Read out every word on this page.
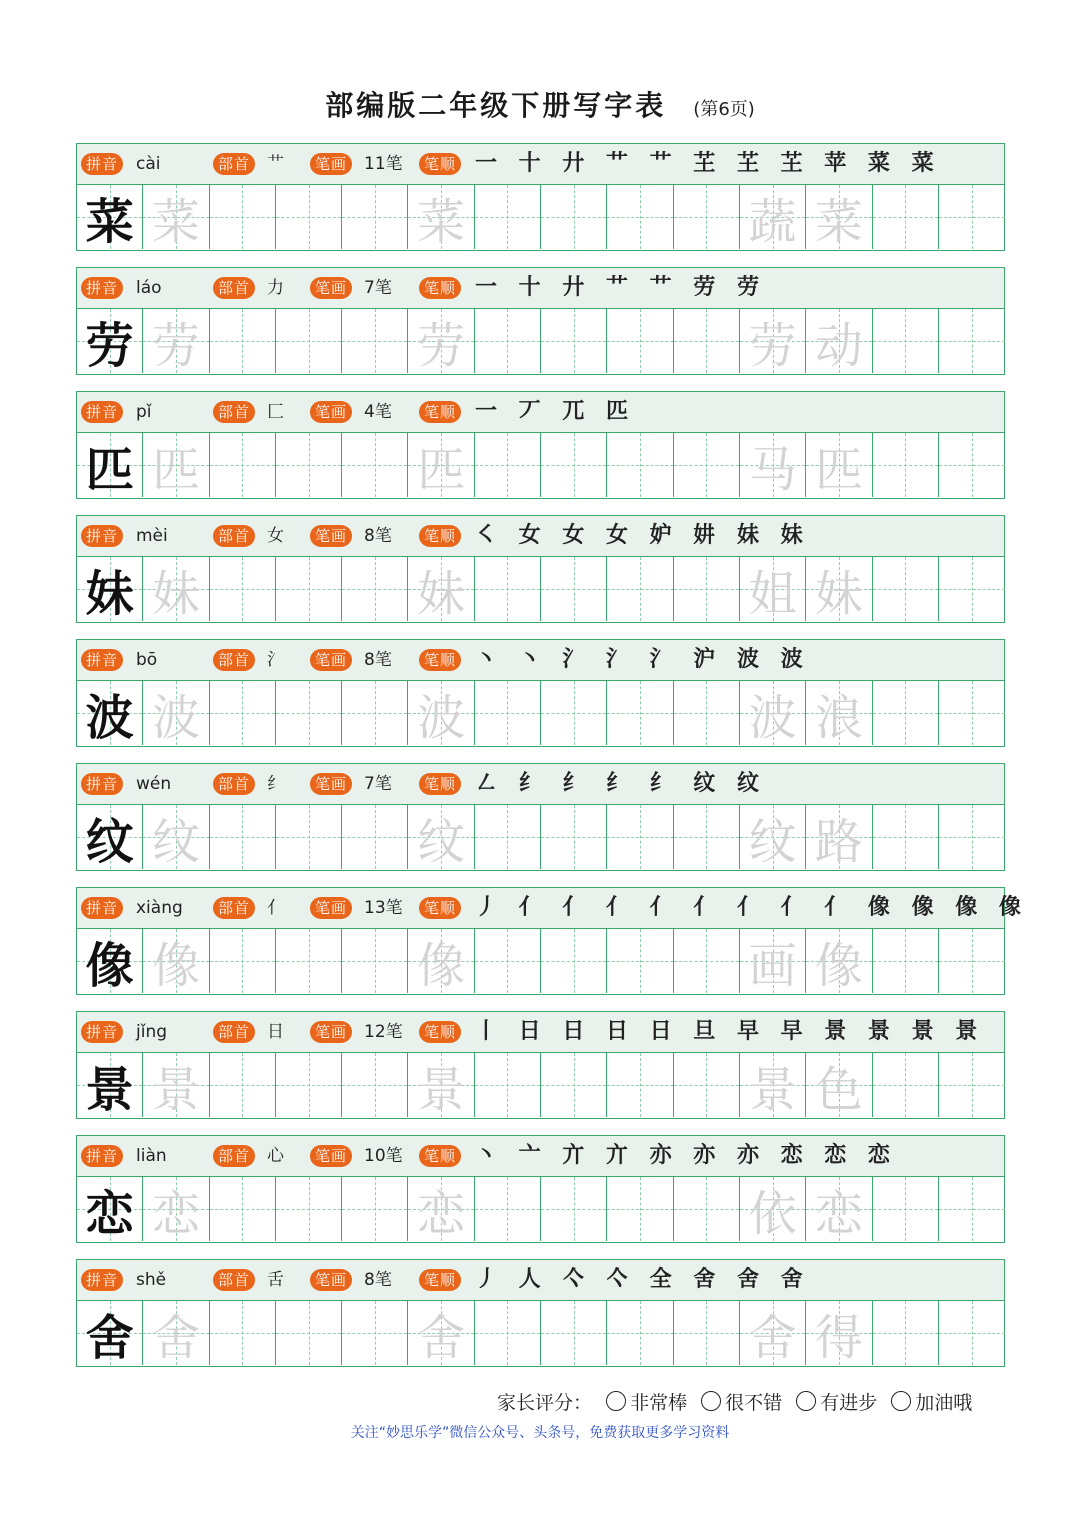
部编版二年级下册写字表 (第6页)
拼音 cài	部首 艹	笔画 11笔	笔顺 一 十 廾 艹 艹 芏 芏 芏 苹 菜 菜
菜 菜	菜	蔬 菜
拼音 láo	部首 力	笔画 7笔	笔顺 一 十 廾 艹 艹 劳 劳
劳 劳	劳	劳 动
拼音 pǐ	部首 匚	笔画 4笔	笔顺 一 丆 兀 匹
匹 匹	匹	马 匹
拼音 mèi	部首 女	笔画 8笔	笔顺 ㇛ 女 女 女 妒 妌 妹 妹
妹 妹	妹	姐 妹
拼音 bō	部首 氵	笔画 8笔	笔顺 丶 丶 氵 氵 氵 沪 波 波
波 波	波	波 浪
拼音 wén	部首 纟	笔画 7笔	笔顺 ㇜ 纟 纟 纟 纟 纹 纹
纹 纹	纹	纹 路
拼音 xiàng	部首 亻	笔画 13笔	笔顺 丿 亻 亻 亻 亻 亻 亻 亻 亻 像 像 像 像
像 像	像	画 像
拼音 jǐng	部首 日	笔画 12笔	笔顺 丨 日 日 日 日 旦 早 早 景 景 景 景
景 景	景	景 色
拼音 liàn	部首 心	笔画 10笔	笔顺 丶 亠 亣 亣 亦 亦 亦 恋 恋 恋
恋 恋	恋	依 恋
拼音 shě	部首 舌	笔画 8笔	笔顺 丿 人 亽 亽 全 舍 舍 舍
舍 舍	舍	舍 得
家长评分： 非常棒 很不错 有进步 加油哦
关注“妙思乐学”微信公众号、头条号，免费获取更多学习资料
